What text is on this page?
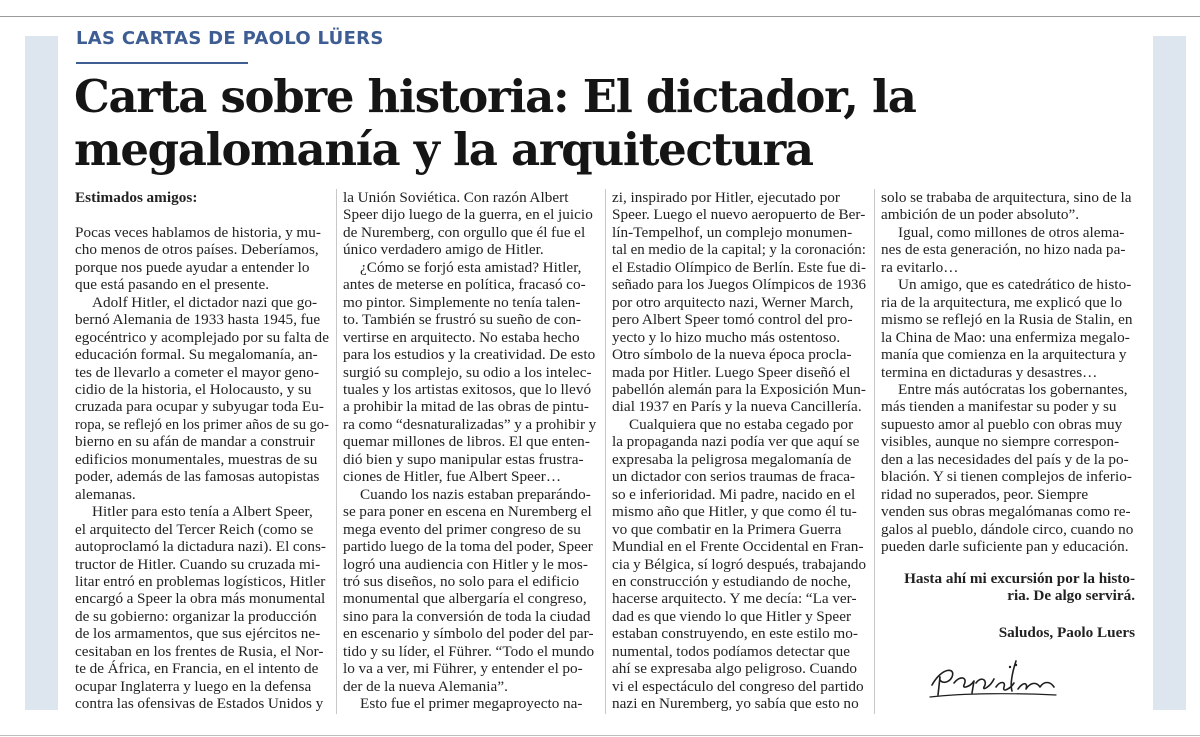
LAS CARTAS DE PAOLO LÜERS
Carta sobre historia: El dictador, la
megalomanía y la arquitectura
Estimados amigos:

Pocas veces hablamos de historia, y mu-
cho menos de otros países. Deberíamos,
porque nos puede ayudar a entender lo
que está pasando en el presente.
Adolf Hitler, el dictador nazi que go-
bernó Alemania de 1933 hasta 1945, fue
egocéntrico y acomplejado por su falta de
educación formal. Su megalomanía, an-
tes de llevarlo a cometer el mayor geno-
cidio de la historia, el Holocausto, y su
cruzada para ocupar y subyugar toda Eu-
ropa, se reflejó en los primer años de su go-
bierno en su afán de mandar a construir
edificios monumentales, muestras de su
poder, además de las famosas autopistas
alemanas.
Hitler para esto tenía a Albert Speer,
el arquitecto del Tercer Reich (como se
autoproclamó la dictadura nazi). El cons-
tructor de Hitler. Cuando su cruzada mi-
litar entró en problemas logísticos, Hitler
encargó a Speer la obra más monumental
de su gobierno: organizar la producción
de los armamentos, que sus ejércitos ne-
cesitaban en los frentes de Rusia, el Nor-
te de África, en Francia, en el intento de
ocupar Inglaterra y luego en la defensa
contra las ofensivas de Estados Unidos y
la Unión Soviética. Con razón Albert
Speer dijo luego de la guerra, en el juicio
de Nuremberg, con orgullo que él fue el
único verdadero amigo de Hitler.
¿Cómo se forjó esta amistad? Hitler,
antes de meterse en política, fracasó co-
mo pintor. Simplemente no tenía talen-
to. También se frustró su sueño de con-
vertirse en arquitecto. No estaba hecho
para los estudios y la creatividad. De esto
surgió su complejo, su odio a los intelec-
tuales y los artistas exitosos, que lo llevó
a prohibir la mitad de las obras de pintu-
ra como “desnaturalizadas” y a prohibir y
quemar millones de libros. El que enten-
dió bien y supo manipular estas frustra-
ciones de Hitler, fue Albert Speer…
Cuando los nazis estaban preparándo-
se para poner en escena en Nuremberg el
mega evento del primer congreso de su
partido luego de la toma del poder, Speer
logró una audiencia con Hitler y le mos-
tró sus diseños, no solo para el edificio
monumental que albergaría el congreso,
sino para la conversión de toda la ciudad
en escenario y símbolo del poder del par-
tido y su líder, el Führer. “Todo el mundo
lo va a ver, mi Führer, y entender el po-
der de la nueva Alemania”.
Esto fue el primer megaproyecto na-
zi, inspirado por Hitler, ejecutado por
Speer. Luego el nuevo aeropuerto de Ber-
lín-Tempelhof, un complejo monumen-
tal en medio de la capital; y la coronación:
el Estadio Olímpico de Berlín. Este fue di-
señado para los Juegos Olímpicos de 1936
por otro arquitecto nazi, Werner March,
pero Albert Speer tomó control del pro-
yecto y lo hizo mucho más ostentoso.
Otro símbolo de la nueva época procla-
mada por Hitler. Luego Speer diseñó el
pabellón alemán para la Exposición Mun-
dial 1937 en París y la nueva Cancillería.
Cualquiera que no estaba cegado por
la propaganda nazi podía ver que aquí se
expresaba la peligrosa megalomanía de
un dictador con serios traumas de fraca-
so e inferioridad. Mi padre, nacido en el
mismo año que Hitler, y que como él tu-
vo que combatir en la Primera Guerra
Mundial en el Frente Occidental en Fran-
cia y Bélgica, sí logró después, trabajando
en construcción y estudiando de noche,
hacerse arquitecto. Y me decía: “La ver-
dad es que viendo lo que Hitler y Speer
estaban construyendo, en este estilo mo-
numental, todos podíamos detectar que
ahí se expresaba algo peligroso. Cuando
vi el espectáculo del congreso del partido
nazi en Nuremberg, yo sabía que esto no
solo se trababa de arquitectura, sino de la
ambición de un poder absoluto”.
Igual, como millones de otros alema-
nes de esta generación, no hizo nada pa-
ra evitarlo…
Un amigo, que es catedrático de histo-
ria de la arquitectura, me explicó que lo
mismo se reflejó en la Rusia de Stalin, en
la China de Mao: una enfermiza megalo-
manía que comienza en la arquitectura y
termina en dictaduras y desastres…
Entre más autócratas los gobernantes,
más tienden a manifestar su poder y su
supuesto amor al pueblo con obras muy
visibles, aunque no siempre correspon-
den a las necesidades del país y de la po-
blación. Y si tienen complejos de inferio-
ridad no superados, peor. Siempre
venden sus obras megalómanas como re-
galos al pueblo, dándole circo, cuando no
pueden darle suficiente pan y educación.
Hasta ahí mi excursión por la histo-
ria. De algo servirá.
Saludos, Paolo Luers
